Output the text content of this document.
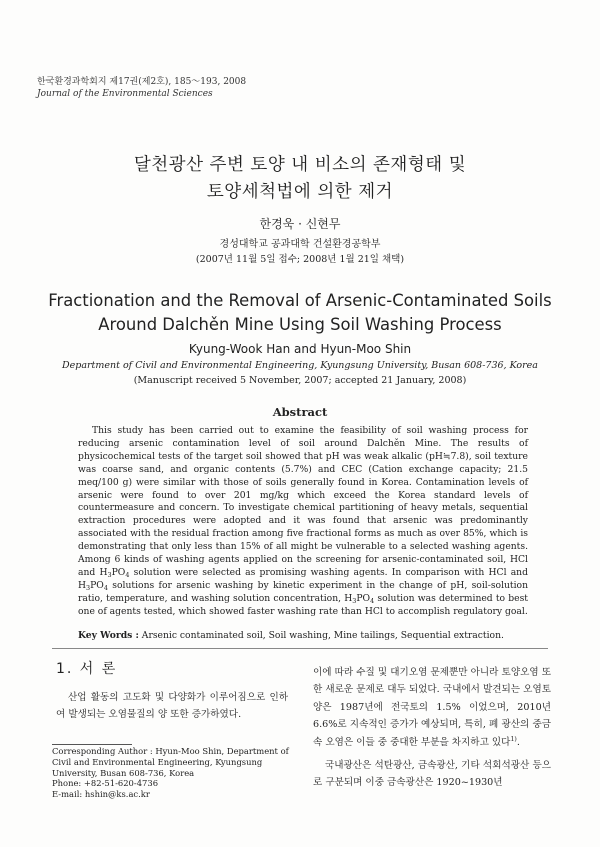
한국환경과학회지 제17권(제2호), 185～193, 2008
Journal of the Environmental Sciences
달천광산 주변 토양 내 비소의 존재형태 및
토양세척법에 의한 제거
한경욱 · 신현무
경성대학교 공과대학 건설환경공학부
(2007년 11월 5일 접수; 2008년 1월 21일 채택)
Fractionation and the Removal of Arsenic-Contaminated Soils
Around Dalchěn Mine Using Soil Washing Process
Kyung-Wook Han and Hyun-Moo Shin
Department of Civil and Environmental Engineering, Kyungsung University, Busan 608-736, Korea
(Manuscript received 5 November, 2007; accepted 21 January, 2008)
Abstract

This study has been carried out to examine the feasibility of soil washing process for reducing arsenic contamination level of soil around Dalchěn Mine. The results of physicochemical tests of the target soil showed that pH was weak alkalic (pH≒7.8), soil texture was coarse sand, and organic contents (5.7%) and CEC (Cation exchange capacity; 21.5 meq/100 g) were similar with those of soils generally found in Korea. Contamination levels of arsenic were found to over 201 mg/kg which exceed the Korea standard levels of countermeasure and concern. To investigate chemical partitioning of heavy metals, sequential extraction procedures were adopted and it was found that arsenic was predominantly associated with the residual fraction among five fractional forms as much as over 85%, which is demonstrating that only less than 15% of all might be vulnerable to a selected washing agents. Among 6 kinds of washing agents applied on the screening for arsenic-contaminated soil, HCl and $H_3PO_4$ solution were selected as promising washing agents. In comparison with HCl and $H_3PO_4$ solutions for arsenic washing by kinetic experiment in the change of pH, soil-solution ratio, temperature, and washing solution concentration, $H_3PO_4$ solution was determined to best one of agents tested, which showed faster washing rate than HCl to accomplish regulatory goal.

Key Words : Arsenic contaminated soil, Soil washing, Mine tailings, Sequential extraction.
1. 서 론

산업 활동의 고도화 및 다양화가 이루어짐으로 인하여 발생되는 오염물질의 양 또한 증가하였다.

Corresponding Author : Hyun-Moo Shin, Department of Civil and Environmental Engineering, Kyungsung University, Busan 608-736, Korea
Phone: +82-51-620-4736
E-mail: hshin@ks.ac.kr

이에 따라 수질 및 대기오염 문제뿐만 아니라 토양오염 또한 새로운 문제로 대두 되었다. 국내에서 발견되는 오염토양은 1987년에 전국토의 1.5% 이었으며, 2010년 6.6%로 지속적인 증가가 예상되며, 특히, 폐 광산의 중금속 오염은 이들 중 중대한 부분을 차지하고 있다$^{1)}$.

국내광산은 석탄광산, 금속광산, 기타 석회석광산 등으로 구분되며 이중 금속광산은 1920~1930년
